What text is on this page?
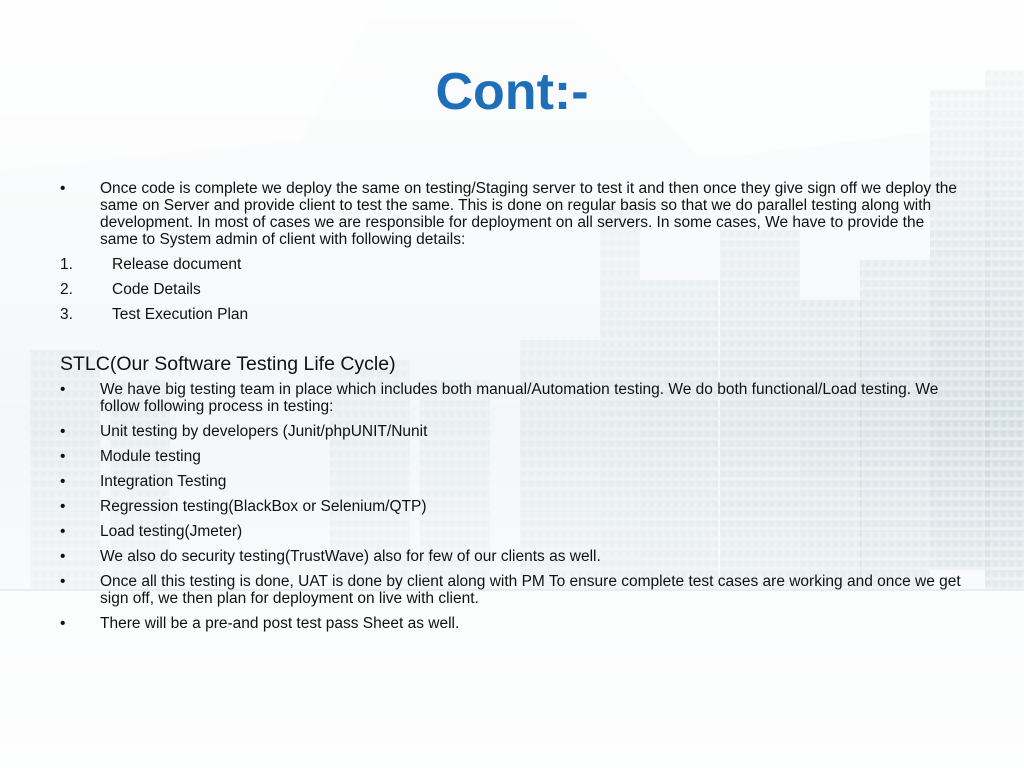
Cont:-
•	Once code is complete we deploy the same on testing/Staging server to test it and then once they give sign off we deploy the same on Server and provide client to test the same. This is done on regular basis so that we do parallel testing along with development. In most of cases we are responsible for deployment on all servers. In some cases, We have to provide the same to System admin of client with following details:
1.	Release document
2.	Code Details
3.	Test Execution Plan
STLC(Our Software Testing Life Cycle)
•	We have big testing team in place which includes both manual/Automation testing. We do both functional/Load testing. We follow following process in testing:
•	Unit testing by developers (Junit/phpUNIT/Nunit
•	Module testing
•	Integration Testing
•	Regression testing(BlackBox or Selenium/QTP)
•	Load testing(Jmeter)
•	We also do security testing(TrustWave) also for few of our clients as well.
•	Once all this testing is done, UAT is done by client along with PM To ensure complete test cases are working and once we get sign off, we then plan for deployment on live with client.
•	There will be a pre-and post test pass Sheet as well.
